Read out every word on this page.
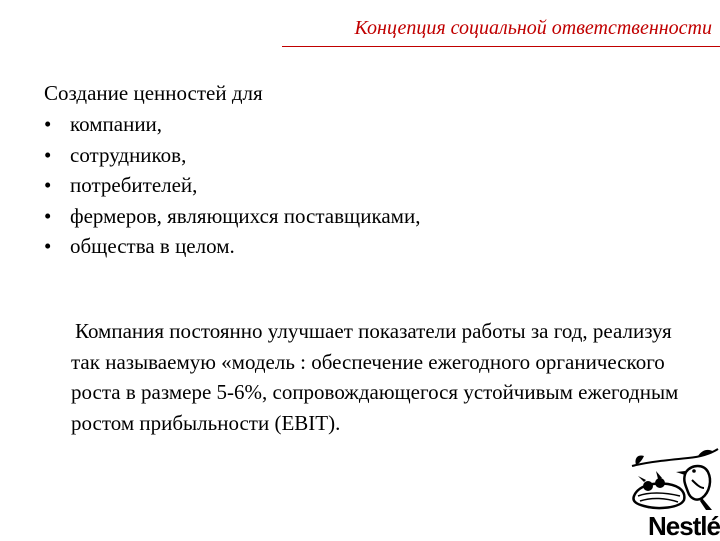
Концепция социальной ответственности
Создание ценностей для
• компании,
• сотрудников,
• потребителей,
• фермеров, являющихся поставщиками,
• общества в целом.
Компания постоянно улучшает показатели работы за год, реализуя так называемую «модель : обеспечение ежегодного органического роста в размере 5-6%, сопровождающегося устойчивым ежегодным ростом прибыльности (EBIT).
Nestlé
